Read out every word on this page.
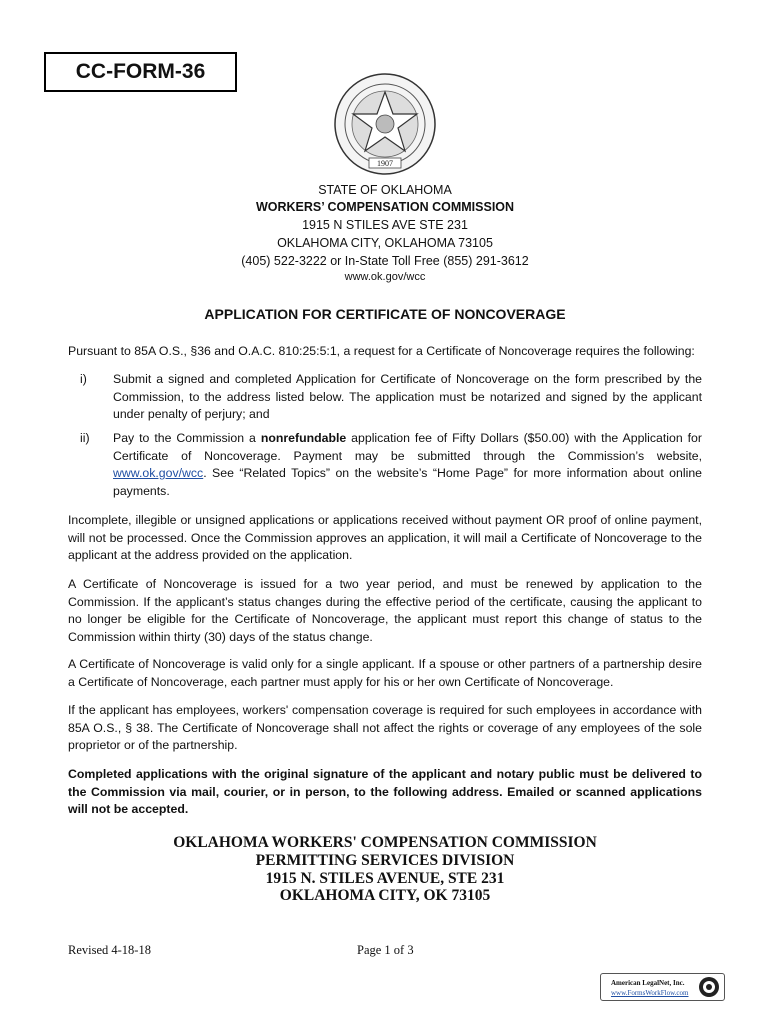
CC-FORM-36
1907
STATE OF OKLAHOMA
WORKERS’ COMPENSATION COMMISSION
1915 N STILES AVE STE 231
OKLAHOMA CITY, OKLAHOMA 73105
(405) 522-3222 or In-State Toll Free (855) 291-3612
www.ok.gov/wcc
APPLICATION FOR CERTIFICATE OF NONCOVERAGE
Pursuant to 85A O.S., §36 and O.A.C. 810:25:5:1, a request for a Certificate of Noncoverage requires the following:
i) Submit a signed and completed Application for Certificate of Noncoverage on the form prescribed by the Commission, to the address listed below. The application must be notarized and signed by the applicant under penalty of perjury; and
ii) Pay to the Commission a nonrefundable application fee of Fifty Dollars ($50.00) with the Application for Certificate of Noncoverage. Payment may be submitted through the Commission’s website, www.ok.gov/wcc. See “Related Topics” on the website’s “Home Page” for more information about online payments.
Incomplete, illegible or unsigned applications or applications received without payment OR proof of online payment, will not be processed. Once the Commission approves an application, it will mail a Certificate of Noncoverage to the applicant at the address provided on the application.
A Certificate of Noncoverage is issued for a two year period, and must be renewed by application to the Commission. If the applicant’s status changes during the effective period of the certificate, causing the applicant to no longer be eligible for the Certificate of Noncoverage, the applicant must report this change of status to the Commission within thirty (30) days of the status change.
A Certificate of Noncoverage is valid only for a single applicant. If a spouse or other partners of a partnership desire a Certificate of Noncoverage, each partner must apply for his or her own Certificate of Noncoverage.
If the applicant has employees, workers' compensation coverage is required for such employees in accordance with 85A O.S., § 38. The Certificate of Noncoverage shall not affect the rights or coverage of any employees of the sole proprietor or of the partnership.
Completed applications with the original signature of the applicant and notary public must be delivered to the Commission via mail, courier, or in person, to the following address. Emailed or scanned applications will not be accepted.
OKLAHOMA WORKERS' COMPENSATION COMMISSION
PERMITTING SERVICES DIVISION
1915 N. STILES AVENUE, STE 231
OKLAHOMA CITY, OK 73105
Revised 4-18-18	Page 1 of 3
American LegalNet, Inc.
www.FormsWorkFlow.com
